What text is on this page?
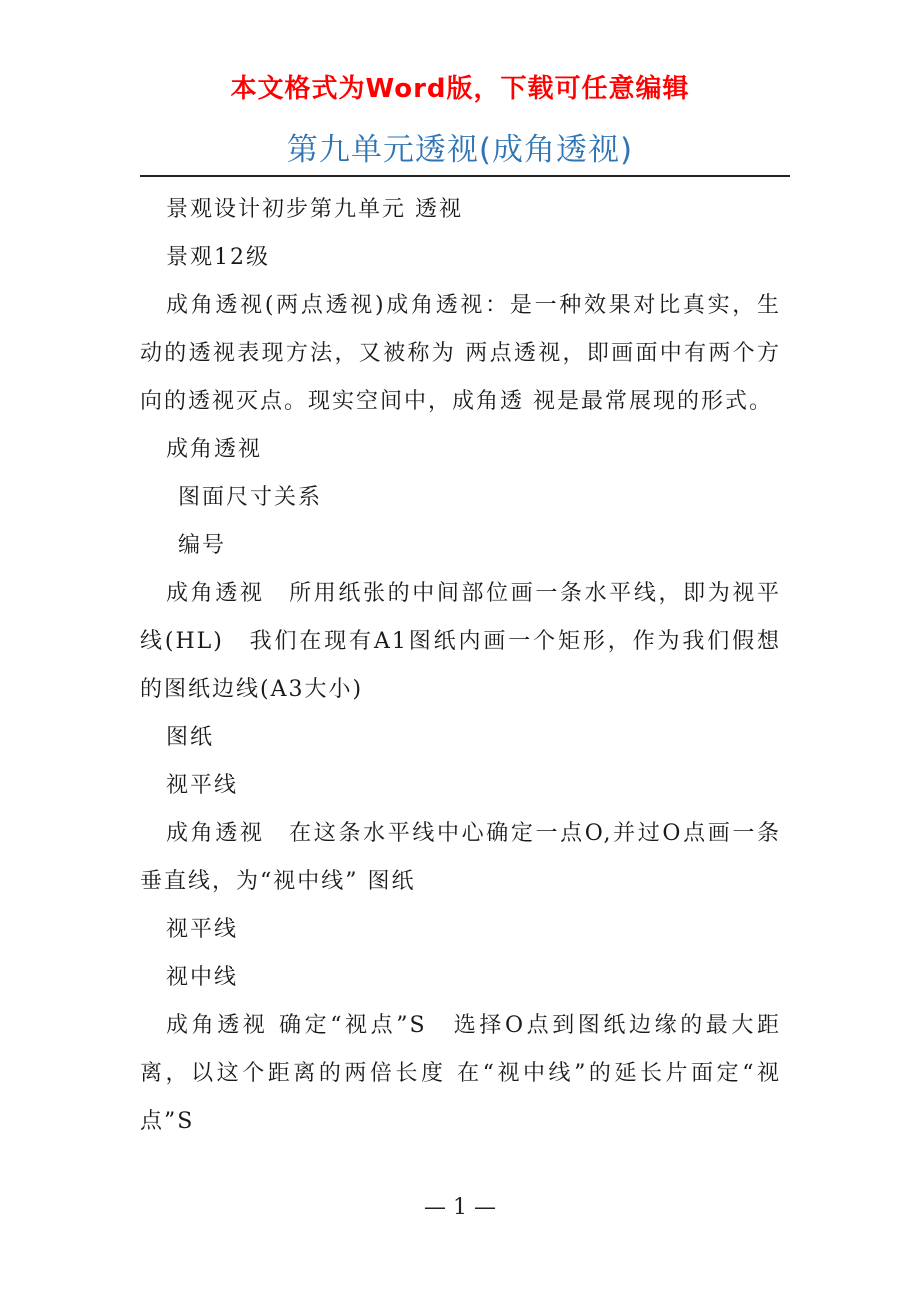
本文格式为Word版，下载可任意编辑
第九单元透视(成角透视)

景观设计初步第九单元 透视

景观12级

成角透视(两点透视)成角透视：是一种效果对比真实，生动的透视表现方法，又被称为 两点透视，即画面中有两个方向的透视灭点。现实空间中，成角透 视是最常展现的形式。

成角透视

图面尺寸关系

编号

成角透视　所用纸张的中间部位画一条水平线，即为视平线(HL)　我们在现有A1图纸内画一个矩形，作为我们假想的图纸边线(A3大小)

图纸

视平线

成角透视　在这条水平线中心确定一点O,并过O点画一条垂直线，为“视中线” 图纸

视平线

视中线

成角透视 确定“视点”S　选择O点到图纸边缘的最大距离，以这个距离的两倍长度 在“视中线”的延长片面定“视点”S

— 1 —
